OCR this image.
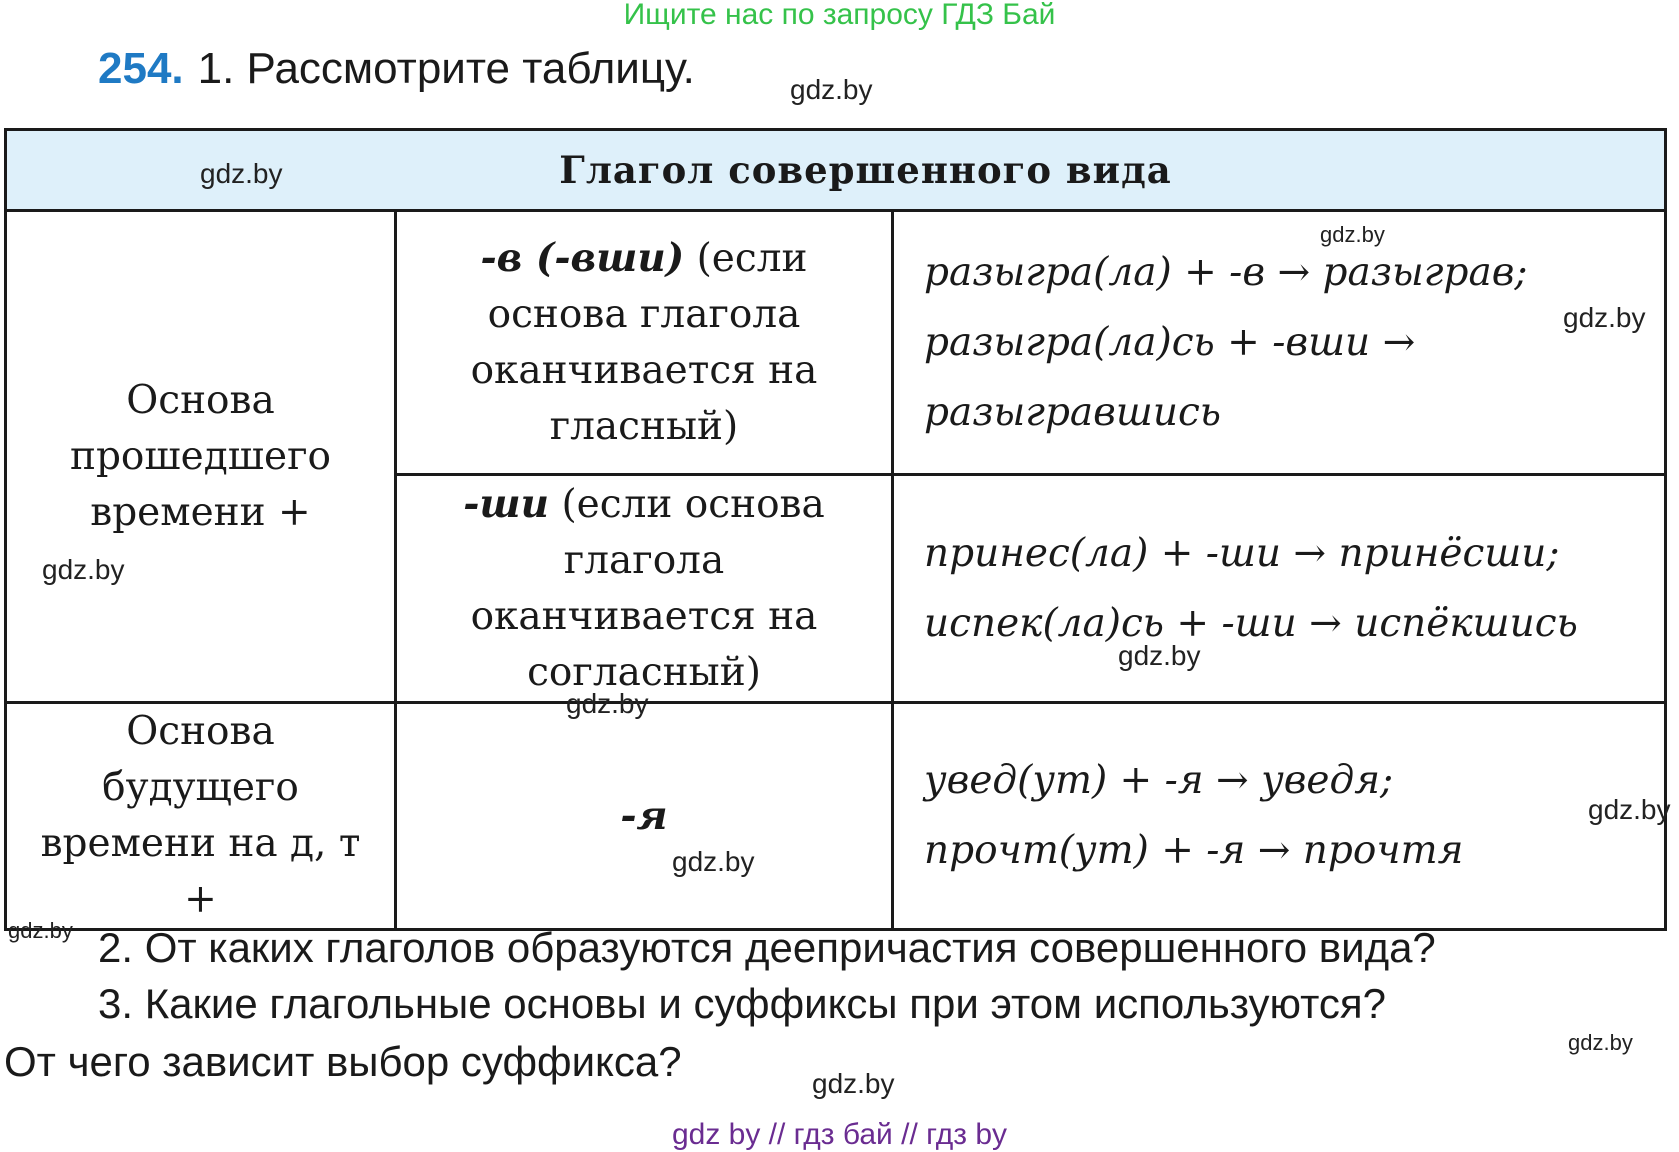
Ищите нас по запросу ГДЗ Бай
254. 1. Рассмотрите таблицу.	gdz.by
Глагол совершенного вида		

Основа прошедшего времени +	-в (-вши) (если основа глагола оканчивается на гласный)	разыгра(ла) + -в → разыграв;
разыгра(ла)сь + -вши →
разыгравшись

	-ши (если основа глагола оканчивается на согласный)	принес(ла) + -ши → принёсши;
испек(ла)сь + -ши → испёкшись

Основа будущего времени на д, т +	-я	увед(ут) + -я → уведя;
прочт(ут) + -я → прочтя
gdz.by
gdz.by
gdz.by
gdz.by
gdz.by
gdz.by
gdz.by
gdz.by
gdz.by 2. От каких глаголов образуются деепричастия совершенного вида?
3. Какие глагольные основы и суффиксы при этом используются?
gdz.by
От чего зависит выбор суффикса?	gdz.by
gdz by // гдз бай // гдз by
